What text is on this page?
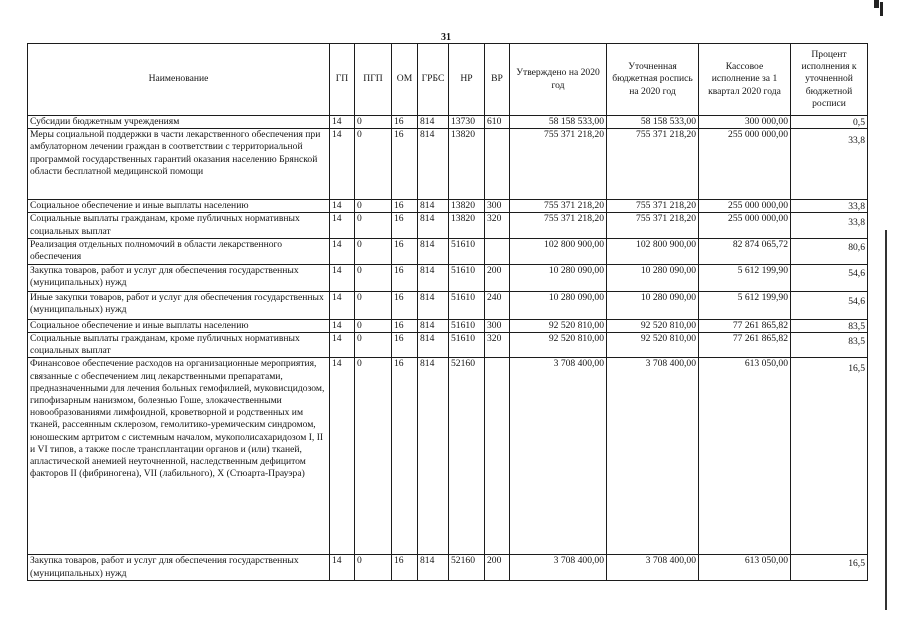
31
Наименование	ГП	ПГП	ОМ	ГРБС	НР	ВР	Утверждено на 2020 год	Уточненная бюджетная роспись на 2020 год	Кассовое исполнение за 1 квартал 2020 года	Процент исполнения к уточненной бюджетной росписи
Субсидии бюджетным учреждениям	14	0	16	814	13730	610	58 158 533,00	58 158 533,00	300 000,00	0,5
Меры социальной поддержки в части лекарственного обеспечения при амбулаторном лечении граждан в соответствии с территориальной программой государственных гарантий оказания населению Брянской области бесплатной медицинской помощи	14	0	16	814	13820		755 371 218,20	755 371 218,20	255 000 000,00	33,8
Социальное обеспечение и иные выплаты населению	14	0	16	814	13820	300	755 371 218,20	755 371 218,20	255 000 000,00	33,8
Социальные выплаты гражданам, кроме публичных нормативных социальных выплат	14	0	16	814	13820	320	755 371 218,20	755 371 218,20	255 000 000,00	33,8
Реализация отдельных полномочий в области лекарственного обеспечения	14	0	16	814	51610		102 800 900,00	102 800 900,00	82 874 065,72	80,6
Закупка товаров, работ и услуг для обеспечения государственных (муниципальных) нужд	14	0	16	814	51610	200	10 280 090,00	10 280 090,00	5 612 199,90	54,6
Иные закупки товаров, работ и услуг для обеспечения государственных (муниципальных) нужд	14	0	16	814	51610	240	10 280 090,00	10 280 090,00	5 612 199,90	54,6
Социальное обеспечение и иные выплаты населению	14	0	16	814	51610	300	92 520 810,00	92 520 810,00	77 261 865,82	83,5
Социальные выплаты гражданам, кроме публичных нормативных социальных выплат	14	0	16	814	51610	320	92 520 810,00	92 520 810,00	77 261 865,82	83,5
Финансовое обеспечение расходов на организационные мероприятия, связанные с обеспечением лиц лекарственными препаратами, предназначенными для лечения больных гемофилией, муковисцидозом, гипофизарным нанизмом, болезнью Гоше, злокачественными новообразованиями лимфоидной, кроветворной и родственных им тканей, рассеянным склерозом, гемолитико-уремическим синдромом, юношеским артритом с системным началом, мукополисахаридозом I, II и VI типов, а также после трансплантации органов и (или) тканей, апластической анемией неуточненной, наследственным дефицитом факторов II (фибриногена), VII (лабильного), X (Стюарта-Прауэра)	14	0	16	814	52160		3 708 400,00	3 708 400,00	613 050,00	16,5
Закупка товаров, работ и услуг для обеспечения государственных (муниципальных) нужд	14	0	16	814	52160	200	3 708 400,00	3 708 400,00	613 050,00	16,5
